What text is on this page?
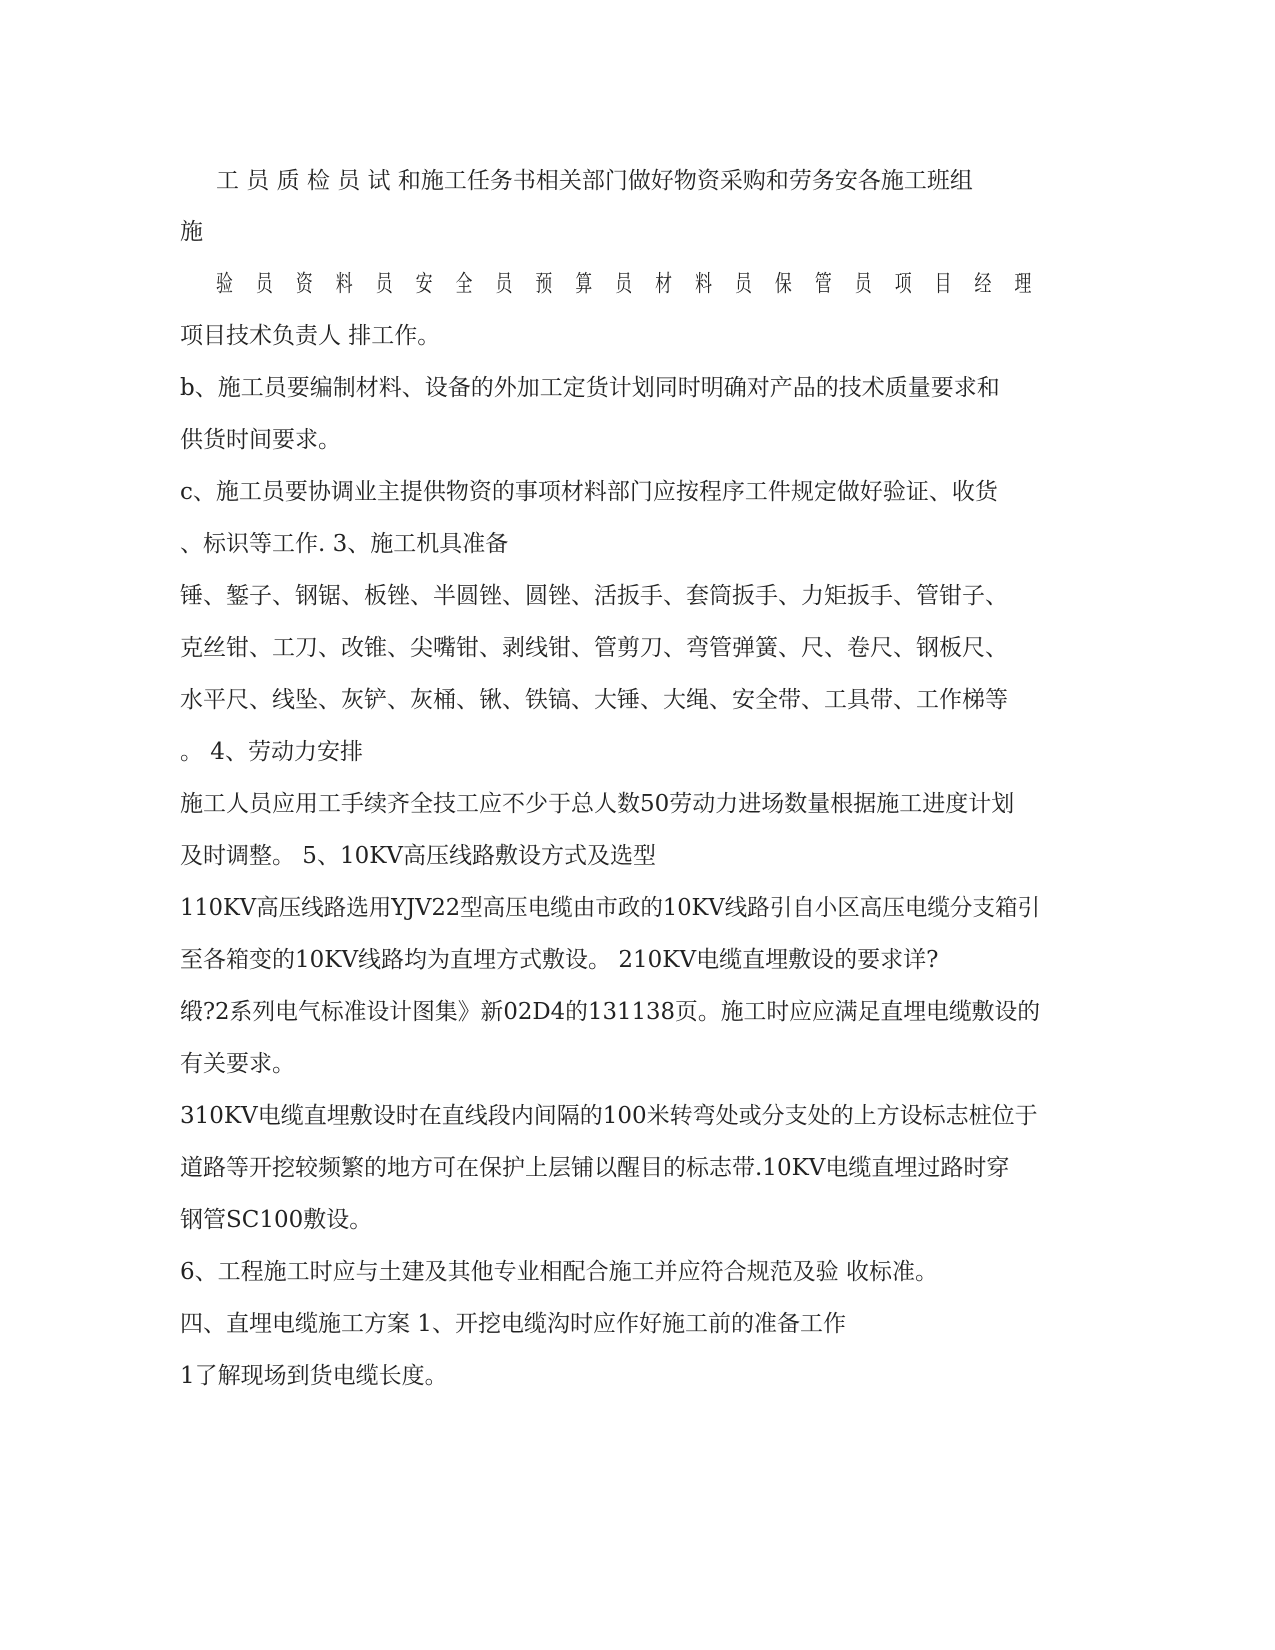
工 员 质 检 员 试 和施工任务书相关部门做好物资采购和劳务安各施工班组
施
验 员 资 料 员 安 全 员 预 算 员 材 料 员 保 管 员 项 目 经 理
项目技术负责人 排工作。
b、施工员要编制材料、设备的外加工定货计划同时明确对产品的技术质量要求和
供货时间要求。
c、施工员要协调业主提供物资的事项材料部门应按程序工件规定做好验证、收货
、标识等工作. 3、施工机具准备
锤、錾子、钢锯、板锉、半圆锉、圆锉、活扳手、套筒扳手、力矩扳手、管钳子、
克丝钳、工刀、改锥、尖嘴钳、剥线钳、管剪刀、弯管弹簧、尺、卷尺、钢板尺、
水平尺、线坠、灰铲、灰桶、锹、铁镐、大锤、大绳、安全带、工具带、工作梯等
。 4、劳动力安排
施工人员应用工手续齐全技工应不少于总人数50劳动力进场数量根据施工进度计划
及时调整。 5、10KV高压线路敷设方式及选型
110KV高压线路选用YJV22型高压电缆由市政的10KV线路引自小区高压电缆分支箱引
至各箱变的10KV线路均为直埋方式敷设。 210KV电缆直埋敷设的要求详?
缎?2系列电气标准设计图集》新02D4的131138页。施工时应应满足直埋电缆敷设的
有关要求。
310KV电缆直埋敷设时在直线段内间隔的100米转弯处或分支处的上方设标志桩位于
道路等开挖较频繁的地方可在保护上层铺以醒目的标志带.10KV电缆直埋过路时穿
钢管SC100敷设。
6、工程施工时应与土建及其他专业相配合施工并应符合规范及验 收标准。
四、直埋电缆施工方案 1、开挖电缆沟时应作好施工前的准备工作
1了解现场到货电缆长度。
